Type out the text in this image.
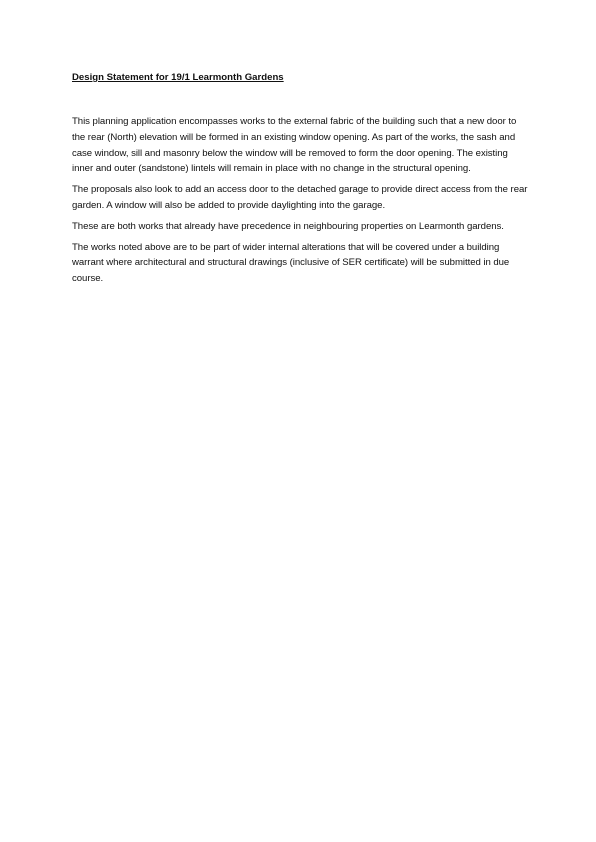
Design Statement for 19/1 Learmonth Gardens

This planning application encompasses works to the external fabric of the building such that a new door to the rear (North) elevation will be formed in an existing window opening. As part of the works, the sash and case window, sill and masonry below the window will be removed to form the door opening. The existing inner and outer (sandstone) lintels will remain in place with no change in the structural opening.

The proposals also look to add an access door to the detached garage to provide direct access from the rear garden. A window will also be added to provide daylighting into the garage.

These are both works that already have precedence in neighbouring properties on Learmonth gardens.

The works noted above are to be part of wider internal alterations that will be covered under a building warrant where architectural and structural drawings (inclusive of SER certificate) will be submitted in due course.
